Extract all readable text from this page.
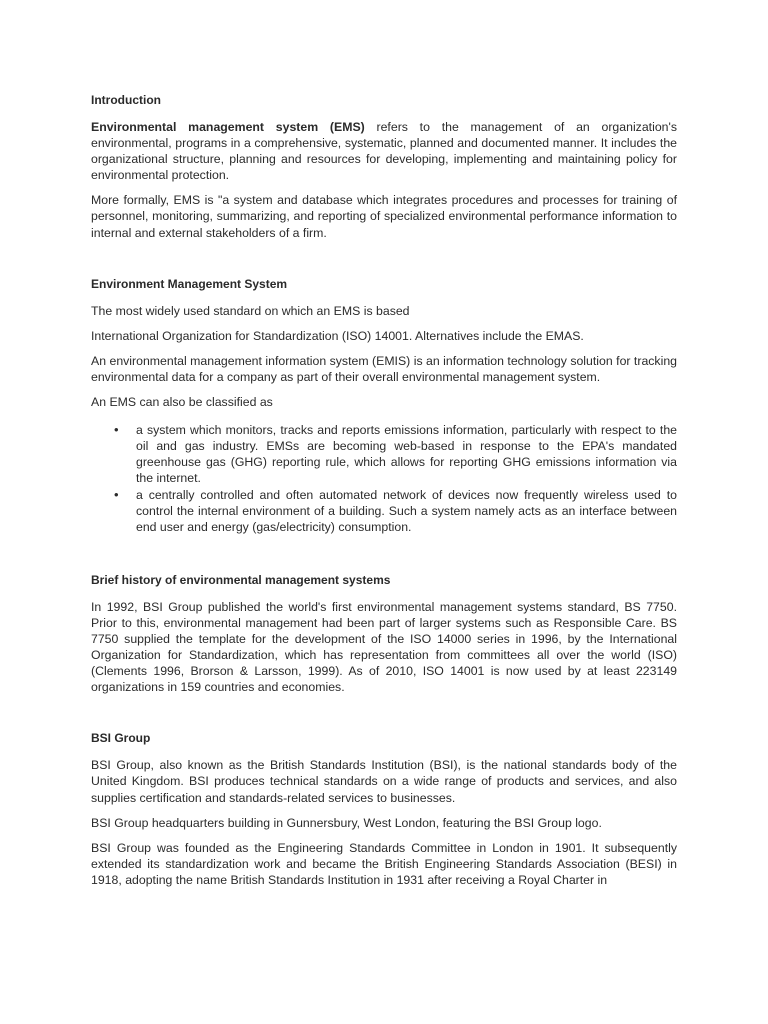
Introduction

Environmental management system (EMS) refers to the management of an organization's environmental, programs in a comprehensive, systematic, planned and documented manner. It includes the organizational structure, planning and resources for developing, implementing and maintaining policy for environmental protection.

More formally, EMS is "a system and database which integrates procedures and processes for training of personnel, monitoring, summarizing, and reporting of specialized environmental performance information to internal and external stakeholders of a firm.

Environment Management System

The most widely used standard on which an EMS is based

International Organization for Standardization (ISO) 14001. Alternatives include the EMAS.

An environmental management information system (EMIS) is an information technology solution for tracking environmental data for a company as part of their overall environmental management system.

An EMS can also be classified as

• a system which monitors, tracks and reports emissions information, particularly with respect to the oil and gas industry. EMSs are becoming web-based in response to the EPA's mandated greenhouse gas (GHG) reporting rule, which allows for reporting GHG emissions information via the internet.
• a centrally controlled and often automated network of devices now frequently wireless used to control the internal environment of a building. Such a system namely acts as an interface between end user and energy (gas/electricity) consumption.
Brief history of environmental management systems

In 1992, BSI Group published the world's first environmental management systems standard, BS 7750. Prior to this, environmental management had been part of larger systems such as Responsible Care. BS 7750 supplied the template for the development of the ISO 14000 series in 1996, by the International Organization for Standardization, which has representation from committees all over the world (ISO) (Clements 1996, Brorson & Larsson, 1999). As of 2010, ISO 14001 is now used by at least 223149 organizations in 159 countries and economies.

BSI Group

BSI Group, also known as the British Standards Institution (BSI), is the national standards body of the United Kingdom. BSI produces technical standards on a wide range of products and services, and also supplies certification and standards-related services to businesses.

BSI Group headquarters building in Gunnersbury, West London, featuring the BSI Group logo.

BSI Group was founded as the Engineering Standards Committee in London in 1901. It subsequently extended its standardization work and became the British Engineering Standards Association (BESI) in 1918, adopting the name British Standards Institution in 1931 after receiving a Royal Charter in
